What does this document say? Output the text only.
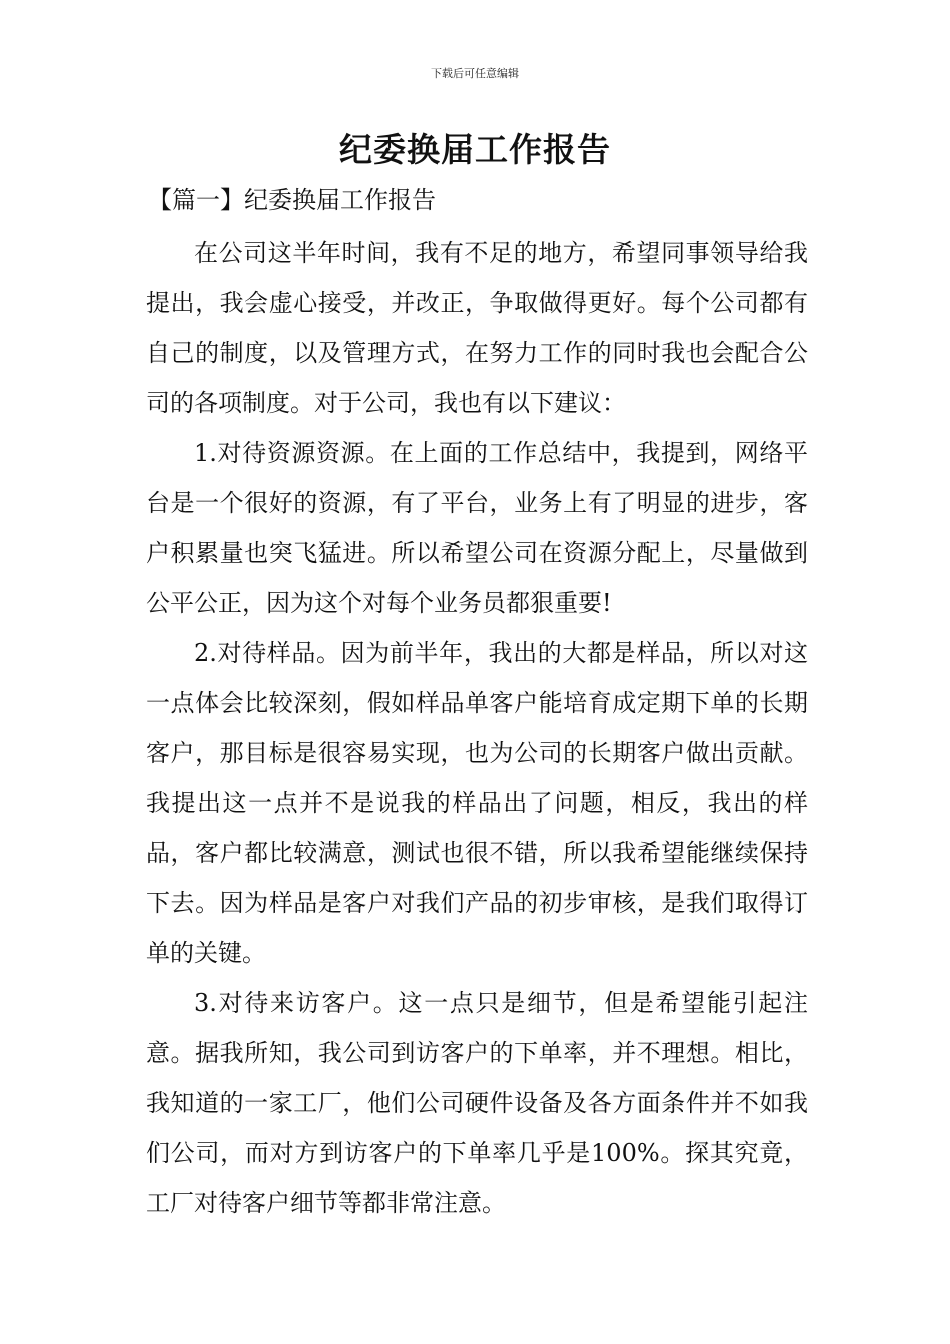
下载后可任意编辑
纪委换届工作报告
【篇一】纪委换届工作报告

在公司这半年时间，我有不足的地方，希望同事领导给我提出，我会虚心接受，并改正，争取做得更好。每个公司都有自己的制度，以及管理方式，在努力工作的同时我也会配合公司的各项制度。对于公司，我也有以下建议：

1.对待资源资源。在上面的工作总结中，我提到，网络平台是一个很好的资源，有了平台，业务上有了明显的进步，客户积累量也突飞猛进。所以希望公司在资源分配上，尽量做到公平公正，因为这个对每个业务员都狠重要!

2.对待样品。因为前半年，我出的大都是样品，所以对这一点体会比较深刻，假如样品单客户能培育成定期下单的长期客户，那目标是很容易实现，也为公司的长期客户做出贡献。我提出这一点并不是说我的样品出了问题，相反，我出的样品，客户都比较满意，测试也很不错，所以我希望能继续保持下去。因为样品是客户对我们产品的初步审核，是我们取得订单的关键。

3.对待来访客户。这一点只是细节，但是希望能引起注意。据我所知，我公司到访客户的下单率，并不理想。相比，我知道的一家工厂，他们公司硬件设备及各方面条件并不如我们公司，而对方到访客户的下单率几乎是100%。探其究竟，工厂对待客户细节等都非常注意。
